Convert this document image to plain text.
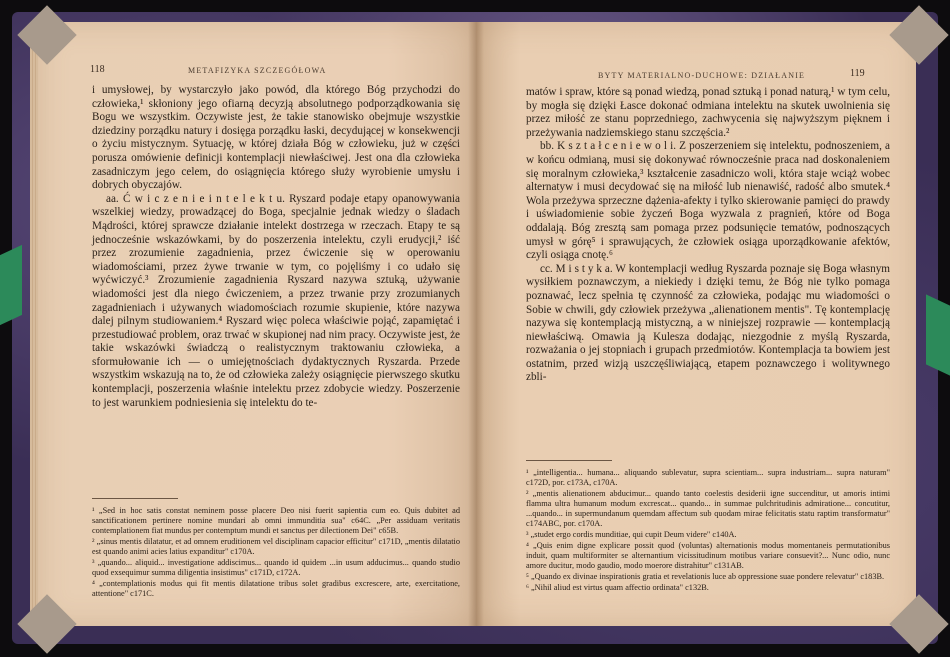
118	METAFIZYKA SZCZEGÓŁOWA

i umysłowej, by wystarczyło jako powód, dla którego Bóg przychodzi do człowieka,¹ skłoniony jego ofiarną decyzją absolutnego podporządkowania się Bogu we wszystkim. Oczywiste jest, że takie stanowisko obejmuje wszystkie dziedziny porządku natury i dosięga porządku łaski, decydującej w konsekwencji o życiu mistycznym. Sytuację, w której działa Bóg w człowieku, już w części porusza omówienie definicji kontemplacji niewłaściwej. Jest ona dla człowieka zasadniczym jego celem, do osiągnięcia którego służy wyrobienie umysłu i dobrych obyczajów.

aa. Ć w i c z e n i e i n t e l e k t u. Ryszard podaje etapy opanowywania wszelkiej wiedzy, prowadzącej do Boga, specjalnie jednak wiedzy o śladach Mądrości, której sprawcze działanie intelekt dostrzega w rzeczach. Etapy te są jednocześnie wskazówkami, by do poszerzenia intelektu, czyli erudycji,² iść przez zrozumienie zagadnienia, przez ćwiczenie się w operowaniu wiadomościami, przez żywe trwanie w tym, co pojęliśmy i co udało się wyćwiczyć.³ Zrozumienie zagadnienia Ryszard nazywa sztuką, używanie wiadomości jest dla niego ćwiczeniem, a przez trwanie przy zrozumianych zagadnieniach i używanych wiadomościach rozumie skupienie, które nazywa dalej pilnym studiowaniem.⁴ Ryszard więc poleca właściwie pojąć, zapamiętać i przestudiować problem, oraz trwać w skupionej nad nim pracy. Oczywiste jest, że takie wskazówki świadczą o realistycznym traktowaniu człowieka, a sformułowanie ich — o umiejętnościach dydaktycznych Ryszarda. Przede wszystkim wskazują na to, że od człowieka zależy osiągnięcie pierwszego skutku kontemplacji, poszerzenia właśnie intelektu przez zdobycie wiedzy. Poszerzenie to jest warunkiem podniesienia się intelektu do te-

¹ „Sed in hoc satis constat neminem posse placere Deo nisi fuerit sapientia cum eo. Quis dubitet ad sanctificationem pertinere nomine mundari ab omni immunditia sua" c64C. „Per assiduam veritatis contemplationem fiat mundus per contemptum mundi et sanctus per dilectionem Dei" c65B.

² „sinus mentis dilatatur, et ad omnem eruditionem vel disciplinam capacior efficitur" c171D, „mentis dilatatio est quando animi acies latius expanditur" c170A.

³ „quando... aliquid... investigatione addiscimus... quando id quidem ...in usum adducimus... quando studio quod exsequimur summa diligentia insistimus" c171D, c172A.

⁴ „contemplationis modus qui fit mentis dilatatione tribus solet gradibus excrescere, arte, exercitatione, attentione" c171C.

BYTY MATERIALNO-DUCHOWE: DZIAŁANIE	119

matów i spraw, które są ponad wiedzą, ponad sztuką i ponad naturą,¹ w tym celu, by mogła się dzięki Łasce dokonać odmiana intelektu na skutek uwolnienia się przez miłość ze stanu poprzedniego, zachwycenia się najwyższym pięknem i przeżywania nadziemskiego stanu szczęścia.²

bb. K s z t a ł c e n i e w o l i. Z poszerzeniem się intelektu, podnoszeniem, a w końcu odmianą, musi się dokonywać równocześnie praca nad doskonaleniem się moralnym człowieka,³ kształcenie zasadniczo woli, która staje wciąż wobec alternatyw i musi decydować się na miłość lub nienawiść, radość albo smutek.⁴ Wola przeżywa sprzeczne dążenia-afekty i tylko skierowanie pamięci do prawdy i uświadomienie sobie życzeń Boga wyzwala z pragnień, które od Boga oddalają. Bóg zresztą sam pomaga przez podsunięcie tematów, podnoszących umysł w górę⁵ i sprawujących, że człowiek osiąga uporządkowanie afektów, czyli osiąga cnotę.⁶

cc. M i s t y k a. W kontemplacji według Ryszarda poznaje się Boga własnym wysiłkiem poznawczym, a niekiedy i dzięki temu, że Bóg nie tylko pomaga poznawać, lecz spełnia tę czynność za człowieka, podając mu wiadomości o Sobie w chwili, gdy człowiek przeżywa „alienationem mentis". Tę kontemplację nazywa się kontemplacją mistyczną, a w niniejszej rozprawie — kontemplacją niewłaściwą. Omawia ją Kulesza dodając, niezgodnie z myślą Ryszarda, rozważania o jej stopniach i grupach przedmiotów. Kontemplacja ta bowiem jest ostatnim, przed wizją uszczęśliwiającą, etapem poznawczego i wolitywnego zbli-

¹ „intelligentia... humana... aliquando sublevatur, supra scientiam... supra industriam... supra naturam" c172D, por. c173A, c170A.

² „mentis alienationem abducimur... quando tanto coelestis desiderii igne succenditur, ut amoris intimi flamma ultra humanum modum excrescat... quando... in summae pulchritudinis admiratione... concutitur, ...quando... in supermundanum quemdam affectum sub quodam mirae felicitatis statu raptim transformatur" c174ABC, por. c170A.

³ „studet ergo cordis munditiae, qui cupit Deum videre" c140A.

⁴ „Quis enim digne explicare possit quod (voluntas) alternationis modus momentaneis permutationibus induit, quam multiformiter se alternantium vicissitudinum motibus variare consuevit?... Nunc odio, nunc amore ducitur, modo gaudio, modo moerore distrahitur" c131AB.

⁵ „Quando ex divinae inspirationis gratia et revelationis luce ab oppressione suae pondere relevatur" c183B.

⁶ „Nihil aliud est virtus quam affectio ordinata" c132B.
